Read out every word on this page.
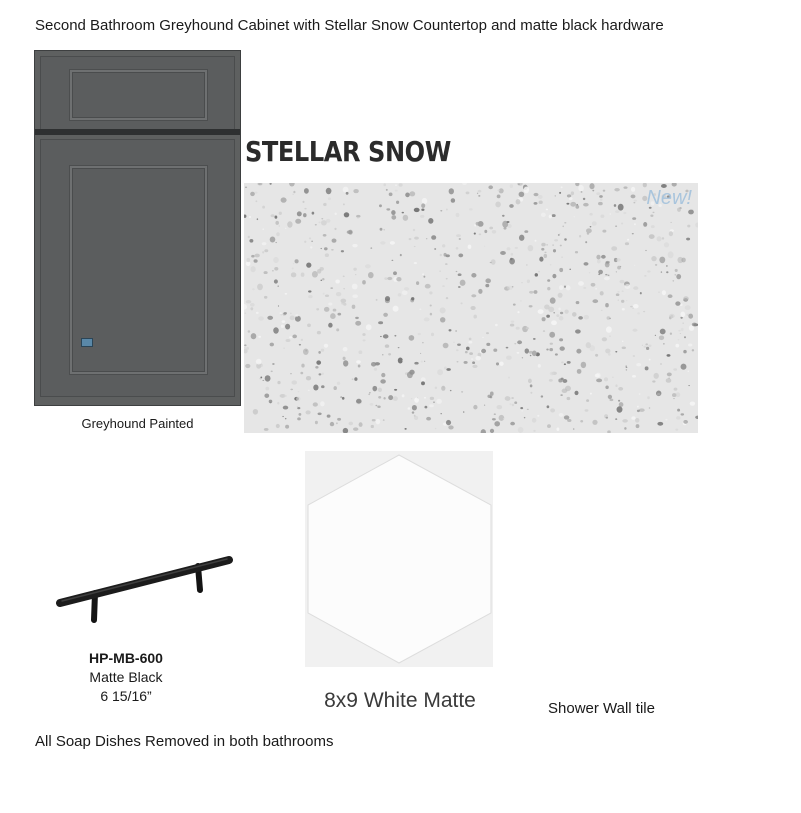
Second Bathroom Greyhound Cabinet with Stellar Snow Countertop and matte black hardware
Greyhound Painted
STELLAR SNOW
New!
HP-MB-600
Matte Black
6 15/16”	8x9 White Matte	Shower Wall tile
All Soap Dishes Removed in both bathrooms
